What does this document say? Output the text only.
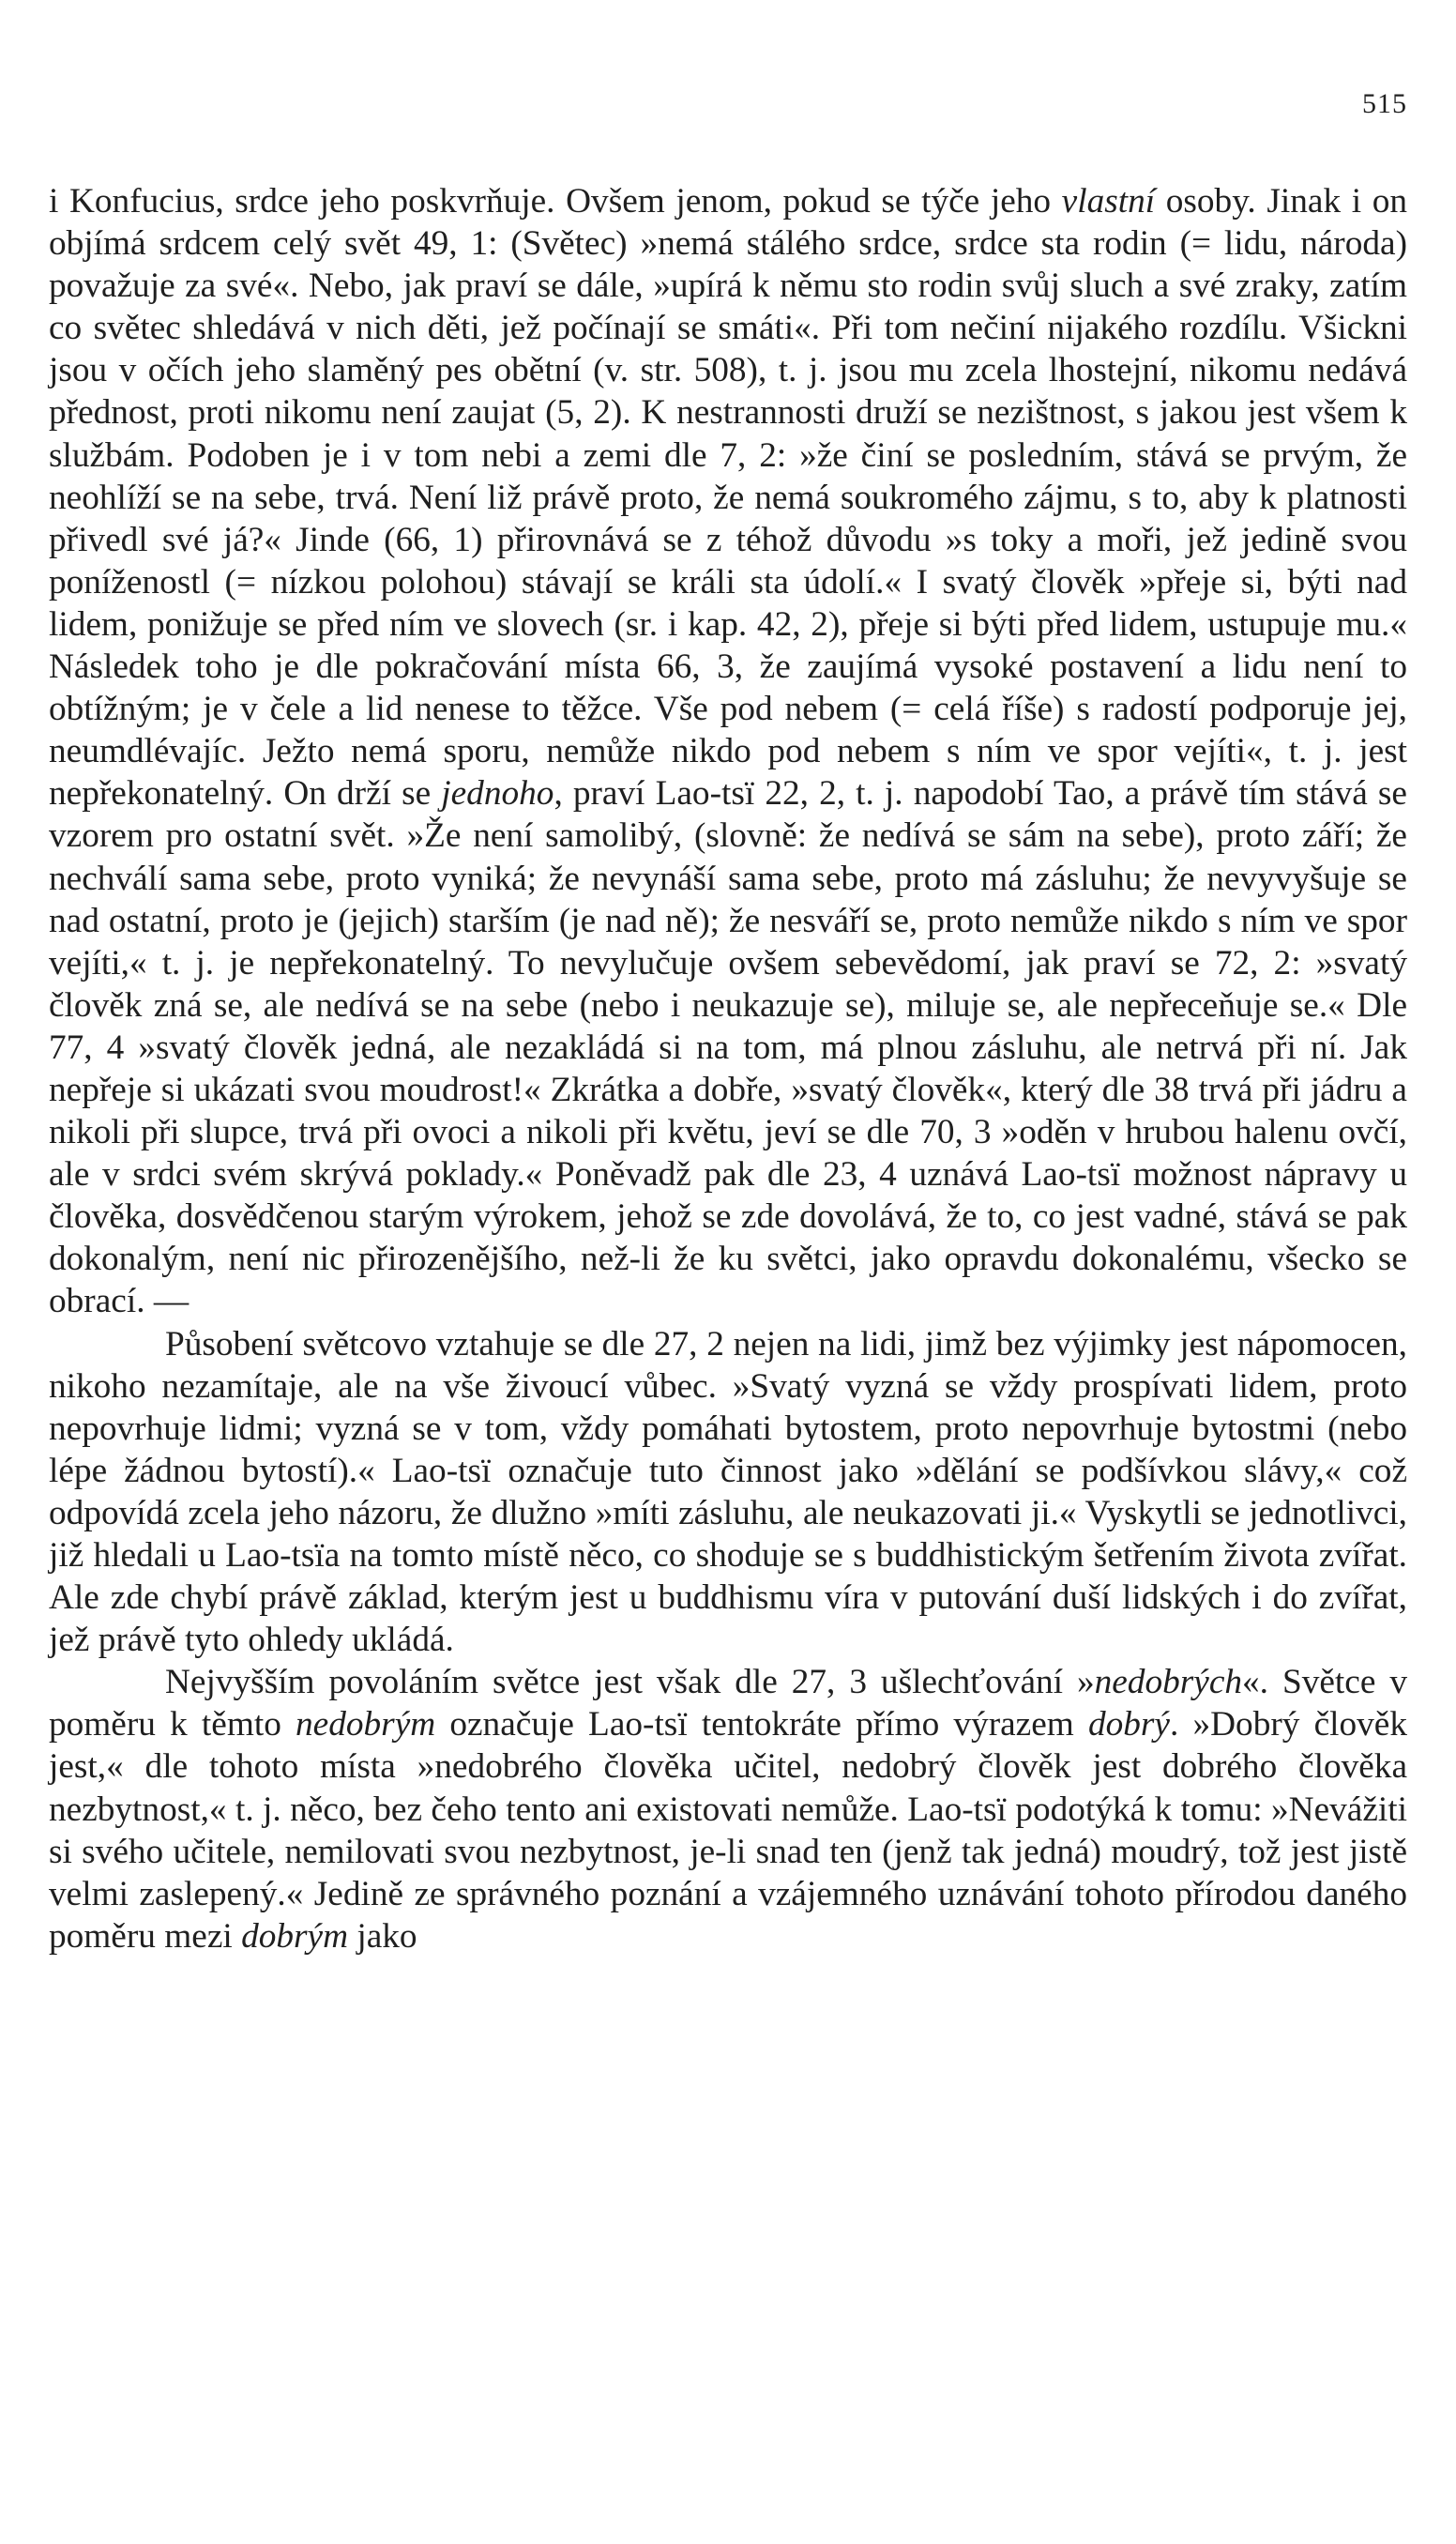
515

i Konfucius, srdce jeho poskvrňuje. Ovšem jenom, pokud se týče jeho vlastní osoby. Jinak i on objímá srdcem celý svět 49, 1: (Světec) »nemá stálého srdce, srdce sta rodin (= lidu, národa) považuje za své«. Nebo, jak praví se dále, »upírá k němu sto rodin svůj sluch a své zraky, zatím co světec shledává v nich děti, jež počínají se smáti«. Při tom nečiní nijakého rozdílu. Všickni jsou v očích jeho slaměný pes obětní (v. str. 508), t. j. jsou mu zcela lhostejní, nikomu nedává přednost, proti nikomu není zaujat (5, 2). K nestrannosti druží se nezištnost, s jakou jest všem k službám. Podoben je i v tom nebi a zemi dle 7, 2: »že činí se posledním, stává se prvým, že neohlíží se na sebe, trvá. Není liž právě proto, že nemá soukromého zájmu, s to, aby k platnosti přivedl své já?« Jinde (66, 1) přirovnává se z téhož důvodu »s toky a moři, jež jedině svou poníženostl (= nízkou polohou) stávají se králi sta údolí.« I svatý člověk »přeje si, býti nad lidem, ponižuje se před ním ve slovech (sr. i kap. 42, 2), přeje si býti před lidem, ustupuje mu.« Následek toho je dle pokračování místa 66, 3, že zaujímá vysoké postavení a lidu není to obtížným; je v čele a lid nenese to těžce. Vše pod nebem (= celá říše) s radostí podporuje jej, neumdlévajíc. Ježto nemá sporu, nemůže nikdo pod nebem s ním ve spor vejíti«, t. j. jest nepřekonatelný. On drží se jednoho, praví Lao-tsï 22, 2, t. j. napodobí Tao, a právě tím stává se vzorem pro ostatní svět. »Že není samolibý, (slovně: že nedívá se sám na sebe), proto září; že nechválí sama sebe, proto vyniká; že nevynáší sama sebe, proto má zásluhu; že nevyvyšuje se nad ostatní, proto je (jejich) starším (je nad ně); že nesváří se, proto nemůže nikdo s ním ve spor vejíti,« t. j. je nepřekonatelný. To nevylučuje ovšem sebevědomí, jak praví se 72, 2: »svatý člověk zná se, ale nedívá se na sebe (nebo i neukazuje se), miluje se, ale nepřeceňuje se.« Dle 77, 4 »svatý člověk jedná, ale nezakládá si na tom, má plnou zásluhu, ale netrvá při ní. Jak nepřeje si ukázati svou moudrost!« Zkrátka a dobře, »svatý člověk«, který dle 38 trvá při jádru a nikoli při slupce, trvá při ovoci a nikoli při květu, jeví se dle 70, 3 »oděn v hrubou halenu ovčí, ale v srdci svém skrývá poklady.« Poněvadž pak dle 23, 4 uznává Lao-tsï možnost nápravy u člověka, dosvědčenou starým výrokem, jehož se zde dovolává, že to, co jest vadné, stává se pak dokonalým, není nic přirozenějšího, než-li že ku světci, jako opravdu dokonalému, všecko se obrací. —

Působení světcovo vztahuje se dle 27, 2 nejen na lidi, jimž bez výjimky jest nápomocen, nikoho nezamítaje, ale na vše živoucí vůbec. »Svatý vyzná se vždy prospívati lidem, proto nepovrhuje lidmi; vyzná se v tom, vždy pomáhati bytostem, proto nepovrhuje bytostmi (nebo lépe žádnou bytostí).« Lao-tsï označuje tuto činnost jako »dělání se podšívkou slávy,« což odpovídá zcela jeho názoru, že dlužno »míti zásluhu, ale neukazovati ji.« Vyskytli se jednotlivci, již hledali u Lao-tsïa na tomto místě něco, co shoduje se s buddhistickým šetřením života zvířat. Ale zde chybí právě základ, kterým jest u buddhismu víra v putování duší lidských i do zvířat, jež právě tyto ohledy ukládá.

Nejvyšším povoláním světce jest však dle 27, 3 ušlechťování »nedobrých«. Světce v poměru k těmto nedobrým označuje Lao-tsï tentokráte přímo výrazem dobrý. »Dobrý člověk jest,« dle tohoto místa »nedobrého člověka učitel, nedobrý člověk jest dobrého člověka nezbytnost,« t. j. něco, bez čeho tento ani existovati nemůže. Lao-tsï podotýká k tomu: »Nevážiti si svého učitele, nemilovati svou nezbytnost, je-li snad ten (jenž tak jedná) moudrý, tož jest jistě velmi zaslepený.« Jedině ze správného poznání a vzájemného uznávání tohoto přírodou daného poměru mezi dobrým jako
